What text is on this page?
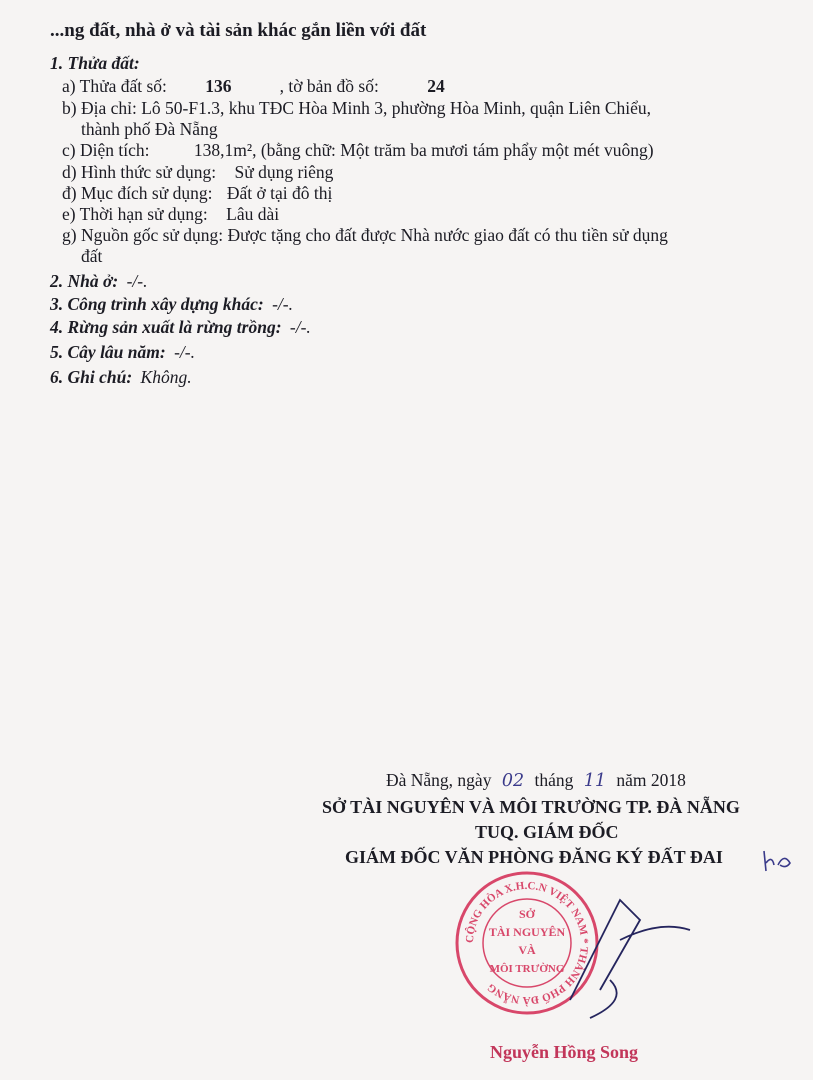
...ng đất, nhà ở và tài sản khác gắn liền với đất
1. Thửa đất:
a) Thửa đất số: 136	, tờ bản đồ số:	24
b) Địa chỉ: Lô 50-F1.3, khu TĐC Hòa Minh 3, phường Hòa Minh, quận Liên Chiểu,
thành phố Đà Nẵng
c) Diện tích:	138,1m², (bằng chữ: Một trăm ba mươi tám phẩy một mét vuông)
d) Hình thức sử dụng: Sử dụng riêng
đ) Mục đích sử dụng: Đất ở tại đô thị
e) Thời hạn sử dụng: Lâu dài
g) Nguồn gốc sử dụng: Được tặng cho đất được Nhà nước giao đất có thu tiền sử dụng
đất
2. Nhà ở: -/-.
3. Công trình xây dựng khác: -/-.
4. Rừng sản xuất là rừng trồng: -/-.
5. Cây lâu năm: -/-.
6. Ghi chú: Không.
Đà Nẵng, ngày 02 tháng 11 năm 2018
SỞ TÀI NGUYÊN VÀ MÔI TRƯỜNG TP. ĐÀ NẴNG
TUQ. GIÁM ĐỐC
GIÁM ĐỐC VĂN PHÒNG ĐĂNG KÝ ĐẤT ĐAI
CỘNG HÒA X.H.C.N VIỆT NAM * THÀNH PHỐ ĐÀ NẴNG
SỞ
TÀI NGUYÊN
VÀ
MÔI TRƯỜNG
Nguyễn Hồng Song
